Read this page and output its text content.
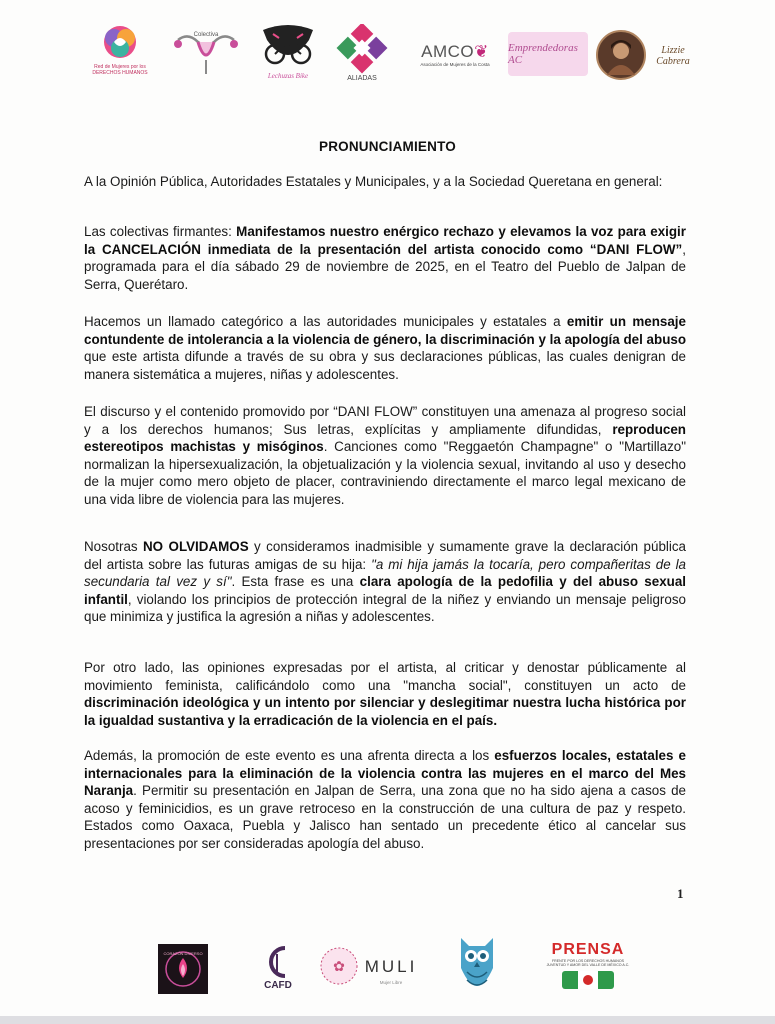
Red de Mujeres por los
DERECHOS HUMANOS
Colectiva
Lechuzas Bike	ALIADAS
AMCO❦
Asociación de Mujeres de la Costa
Emprendedoras AC
Lizzie Cabrera
PRONUNCIAMIENTO
A la Opinión Pública, Autoridades Estatales y Municipales, y a la Sociedad Queretana en general:
Las colectivas firmantes: Manifestamos nuestro enérgico rechazo y elevamos la voz para exigir la CANCELACIÓN inmediata de la presentación del artista conocido como “DANI FLOW”, programada para el día sábado 29 de noviembre de 2025, en el Teatro del Pueblo de Jalpan de Serra, Querétaro.
Hacemos un llamado categórico a las autoridades municipales y estatales a emitir un mensaje contundente de intolerancia a la violencia de género, la discriminación y la apología del abuso que este artista difunde a través de su obra y sus declaraciones públicas, las cuales denigran de manera sistemática a mujeres, niñas y adolescentes.
El discurso y el contenido promovido por “DANI FLOW” constituyen una amenaza al progreso social y a los derechos humanos; Sus letras, explícitas y ampliamente difundidas, reproducen estereotipos machistas y misóginos. Canciones como "Reggaetón Champagne" o "Martillazo" normalizan la hipersexualización, la objetualización y la violencia sexual, invitando al uso y desecho de la mujer como mero objeto de placer, contraviniendo directamente el marco legal mexicano de una vida libre de violencia para las mujeres.
Nosotras NO OLVIDAMOS y consideramos inadmisible y sumamente grave la declaración pública del artista sobre las futuras amigas de su hija: "a mi hija jamás la tocaría, pero compañeritas de la secundaria tal vez y sí". Esta frase es una clara apología de la pedofilia y del abuso sexual infantil, violando los principios de protección integral de la niñez y enviando un mensaje peligroso que minimiza y justifica la agresión a niñas y adolescentes.
Por otro lado, las opiniones expresadas por el artista, al criticar y denostar públicamente al movimiento feminista, calificándolo como una "mancha social", constituyen un acto de discriminación ideológica y un intento por silenciar y deslegitimar nuestra lucha histórica por la igualdad sustantiva y la erradicación de la violencia en el país.
Además, la promoción de este evento es una afrenta directa a los esfuerzos locales, estatales e internacionales para la eliminación de la violencia contra las mujeres en el marco del Mes Naranja. Permitir su presentación en Jalpan de Serra, una zona que no ha sido ajena a casos de acoso y feminicidios, es un grave retroceso en la construcción de una cultura de paz y respeto. Estados como Oaxaca, Puebla y Jalisco han sentado un precedente ético al cancelar sus presentaciones por ser consideradas apología del abuso.
1
CORAZÓN DIVERSO
CAFD
✿ MULI
Mujer Libre
Lechuza
PRENSA
FRENTE POR LOS DERECHOS HUMANOS JUVENTUD Y AMOR DEL VALLE DE MÉXICO A.C.
